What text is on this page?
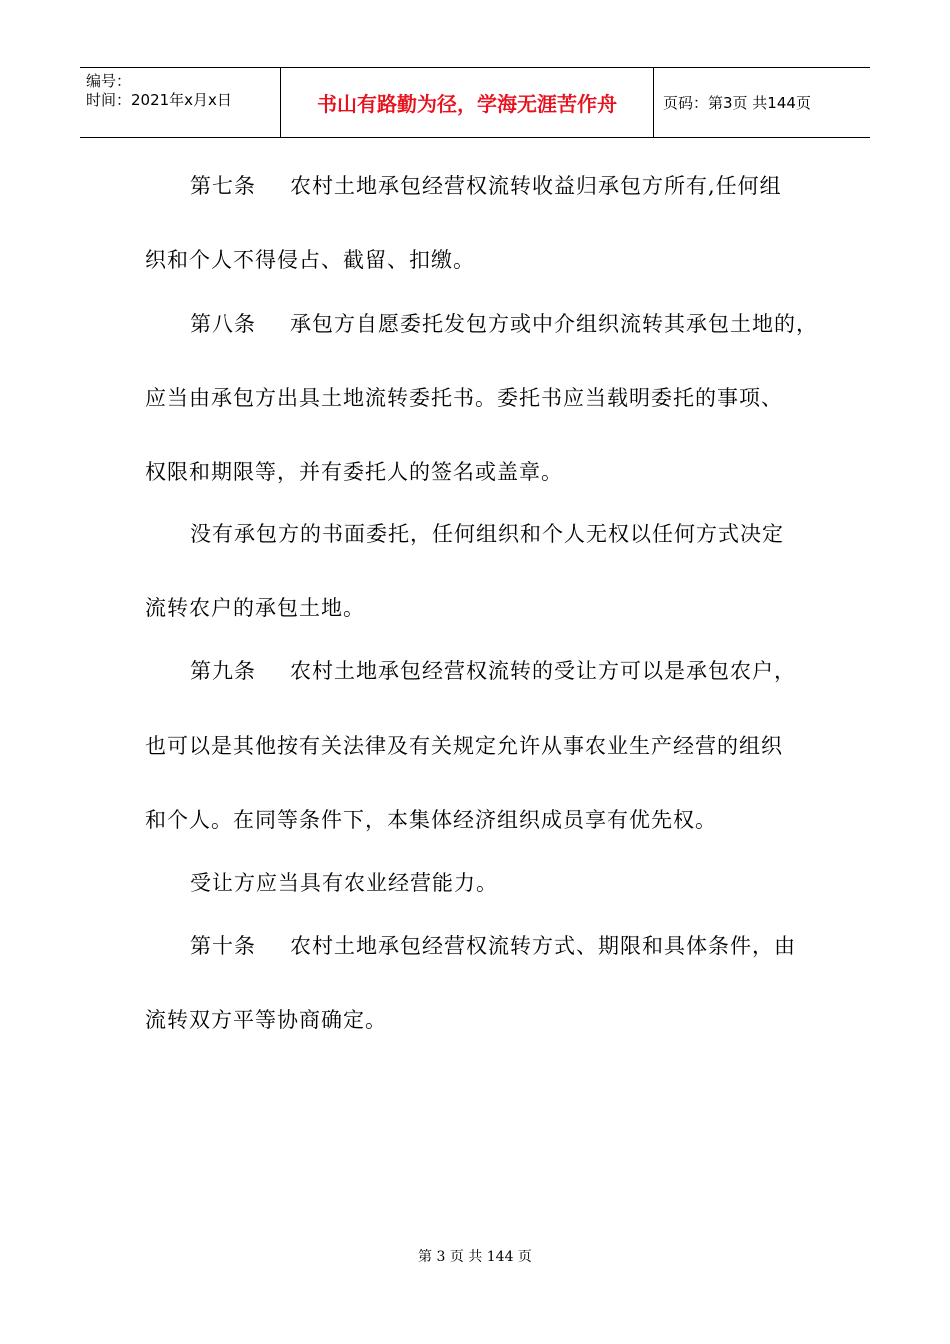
编号：
时间：2021年x月x日	书山有路勤为径，学海无涯苦作舟	页码：第3页 共144页
第七条 农村土地承包经营权流转收益归承包方所有,任何组
织和个人不得侵占、截留、扣缴。
第八条 承包方自愿委托发包方或中介组织流转其承包土地的，
应当由承包方出具土地流转委托书。委托书应当载明委托的事项、
权限和期限等，并有委托人的签名或盖章。
没有承包方的书面委托，任何组织和个人无权以任何方式决定
流转农户的承包土地。
第九条 农村土地承包经营权流转的受让方可以是承包农户，
也可以是其他按有关法律及有关规定允许从事农业生产经营的组织
和个人。在同等条件下，本集体经济组织成员享有优先权。
受让方应当具有农业经营能力。
第十条 农村土地承包经营权流转方式、期限和具体条件，由
流转双方平等协商确定。
第 3 页 共 144 页
